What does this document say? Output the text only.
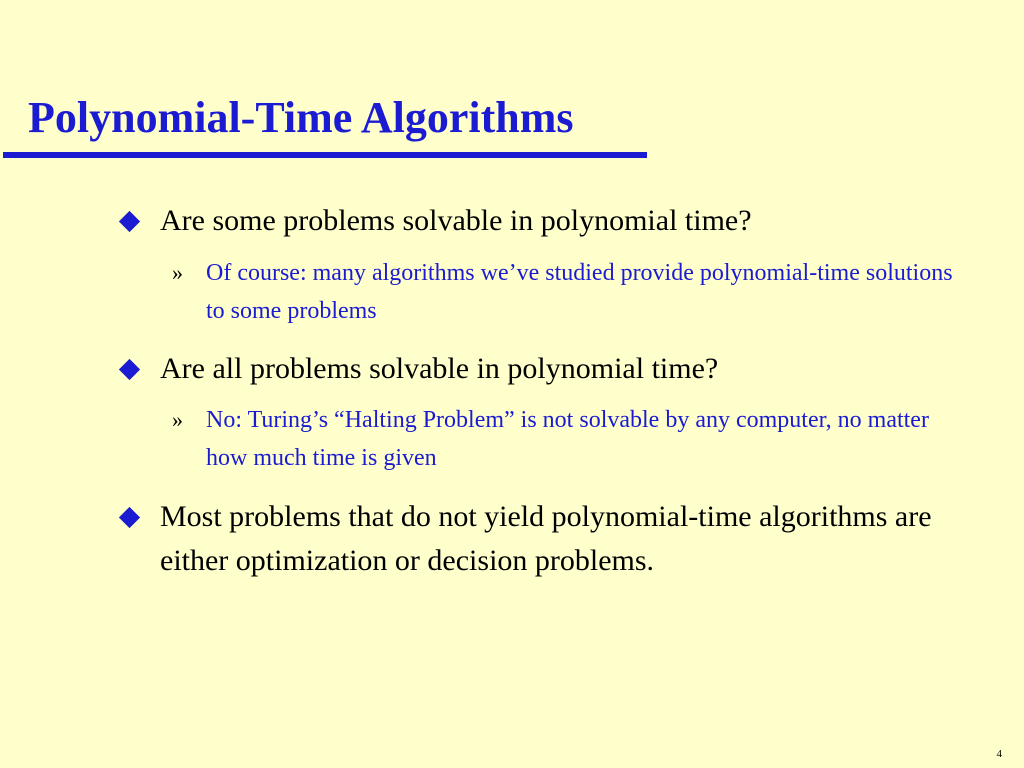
Polynomial-Time Algorithms
Are some problems solvable in polynomial time?
» Of course: many algorithms we’ve studied provide polynomial-time solutions to some problems
Are all problems solvable in polynomial time?
» No: Turing’s “Halting Problem” is not solvable by any computer, no matter how much time is given
Most problems that do not yield polynomial-time algorithms are either optimization or decision problems.
4
